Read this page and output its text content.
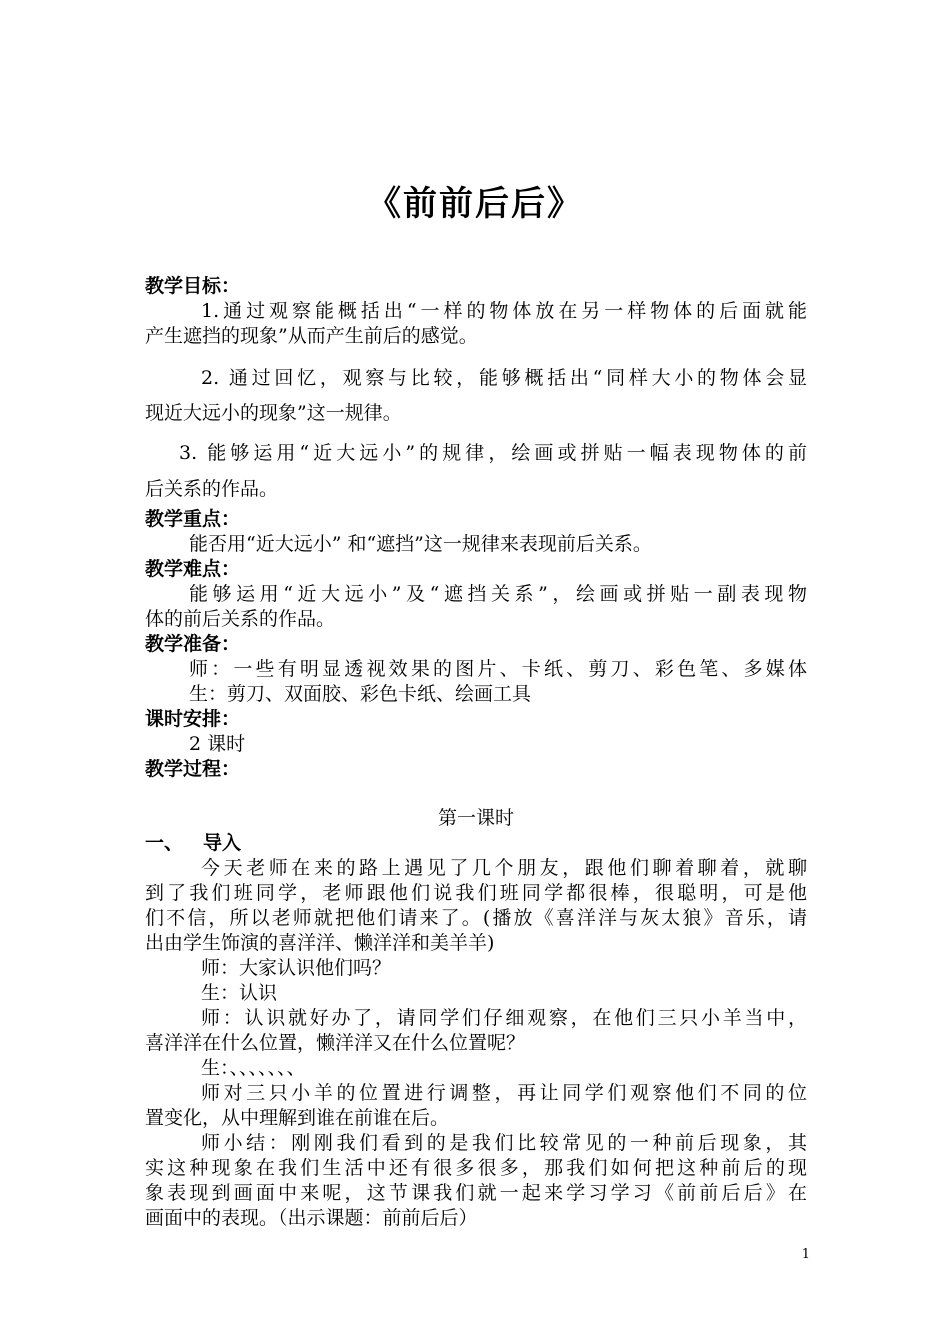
《前前后后》
教学目标：
1.通过观察能概括出“一样的物体放在另一样物体的后面就能
产生遮挡的现象”从而产生前后的感觉。
2. 通过回忆，观察与比较，能够概括出“同样大小的物体会显
现近大远小的现象”这一规律。
3. 能够运用“近大远小”的规律，绘画或拼贴一幅表现物体的前
后关系的作品。
教学重点：
能否用“近大远小” 和“遮挡”这一规律来表现前后关系。
教学难点：
能够运用“近大远小”及“遮挡关系”，绘画或拼贴一副表现物
体的前后关系的作品。
教学准备：
师：一些有明显透视效果的图片、卡纸、剪刀、彩色笔、多媒体
生：剪刀、双面胶、彩色卡纸、绘画工具
课时安排：
2 课时
教学过程：
第一课时
一、 导入
今天老师在来的路上遇见了几个朋友，跟他们聊着聊着，就聊
到了我们班同学，老师跟他们说我们班同学都很棒，很聪明，可是他
们不信，所以老师就把他们请来了。(播放《喜洋洋与灰太狼》音乐，请
出由学生饰演的喜洋洋、懒洋洋和美羊羊)
师：大家认识他们吗？
生：认识
师：认识就好办了，请同学们仔细观察，在他们三只小羊当中，
喜洋洋在什么位置，懒洋洋又在什么位置呢？
生：、、、、、、、
师对三只小羊的位置进行调整，再让同学们观察他们不同的位
置变化，从中理解到谁在前谁在后。
师小结：刚刚我们看到的是我们比较常见的一种前后现象，其
实这种现象在我们生活中还有很多很多，那我们如何把这种前后的现
象表现到画面中来呢，这节课我们就一起来学习学习《前前后后》在
画面中的表现。（出示课题：前前后后）
1
